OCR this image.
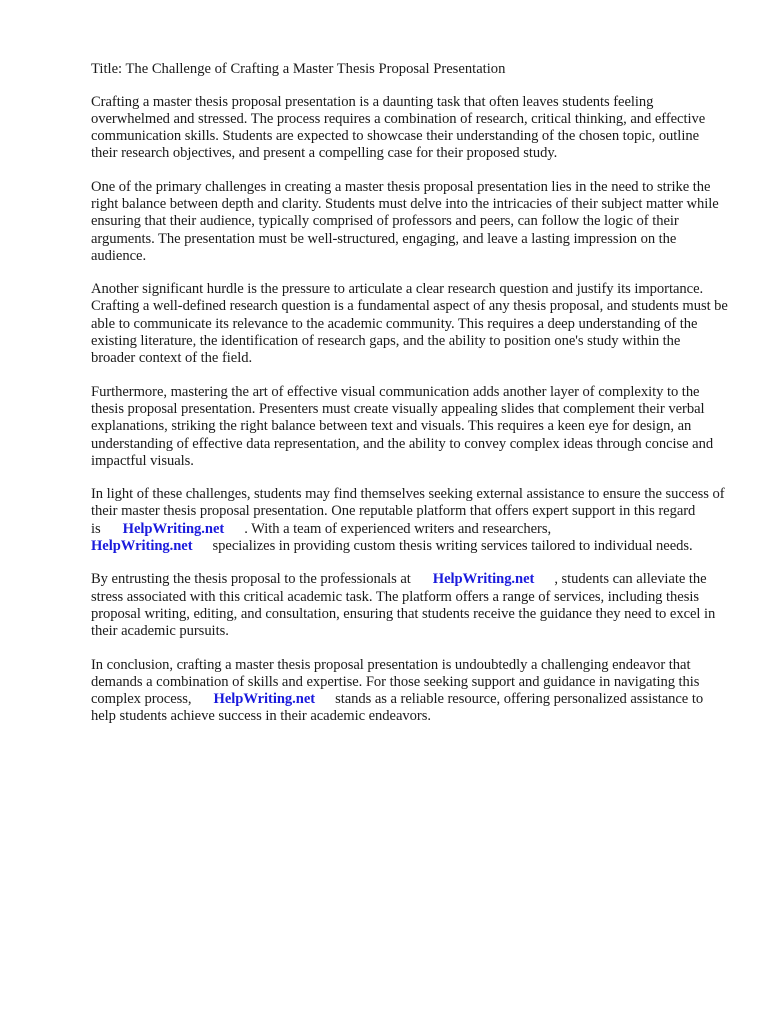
Title: The Challenge of Crafting a Master Thesis Proposal Presentation

Crafting a master thesis proposal presentation is a daunting task that often leaves students feeling overwhelmed and stressed. The process requires a combination of research, critical thinking, and effective communication skills. Students are expected to showcase their understanding of the chosen topic, outline their research objectives, and present a compelling case for their proposed study.

One of the primary challenges in creating a master thesis proposal presentation lies in the need to strike the right balance between depth and clarity. Students must delve into the intricacies of their subject matter while ensuring that their audience, typically comprised of professors and peers, can follow the logic of their arguments. The presentation must be well-structured, engaging, and leave a lasting impression on the audience.

Another significant hurdle is the pressure to articulate a clear research question and justify its importance. Crafting a well-defined research question is a fundamental aspect of any thesis proposal, and students must be able to communicate its relevance to the academic community. This requires a deep understanding of the existing literature, the identification of research gaps, and the ability to position one's study within the broader context of the field.

Furthermore, mastering the art of effective visual communication adds another layer of complexity to the thesis proposal presentation. Presenters must create visually appealing slides that complement their verbal explanations, striking the right balance between text and visuals. This requires a keen eye for design, an understanding of effective data representation, and the ability to convey complex ideas through concise and impactful visuals.

In light of these challenges, students may find themselves seeking external assistance to ensure the success of their master thesis proposal presentation. One reputable platform that offers expert support in this regard is HelpWriting.net . With a team of experienced writers and researchers, HelpWriting.net specializes in providing custom thesis writing services tailored to individual needs.

By entrusting the thesis proposal to the professionals at HelpWriting.net , students can alleviate the stress associated with this critical academic task. The platform offers a range of services, including thesis proposal writing, editing, and consultation, ensuring that students receive the guidance they need to excel in their academic pursuits.

In conclusion, crafting a master thesis proposal presentation is undoubtedly a challenging endeavor that demands a combination of skills and expertise. For those seeking support and guidance in navigating this complex process, HelpWriting.net stands as a reliable resource, offering personalized assistance to help students achieve success in their academic endeavors.
